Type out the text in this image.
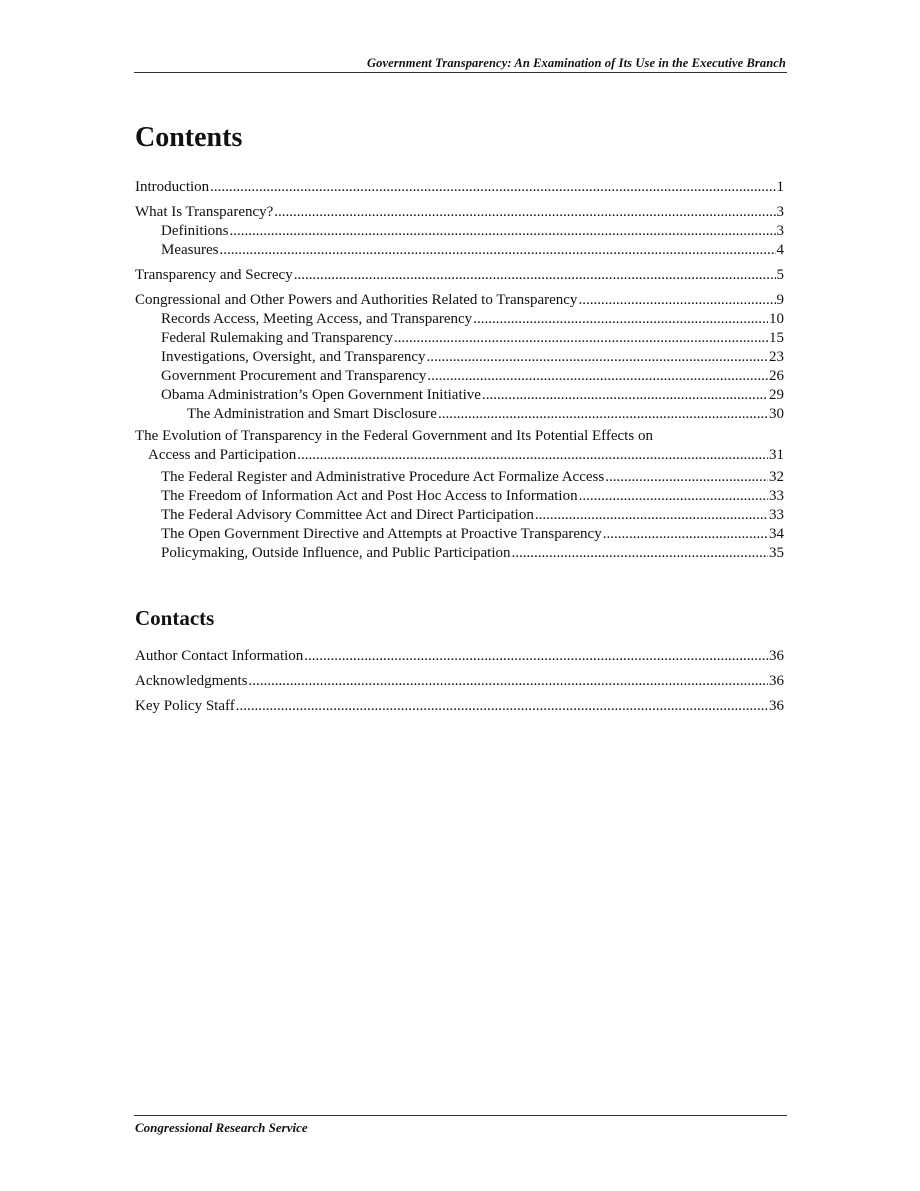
Government Transparency: An Examination of Its Use in the Executive Branch
Contents
Introduction .....	1
What Is Transparency? .....	3
Definitions .....	3
Measures .....	4
Transparency and Secrecy .....	5
Congressional and Other Powers and Authorities Related to Transparency .....	9
Records Access, Meeting Access, and Transparency .....	10
Federal Rulemaking and Transparency .....	15
Investigations, Oversight, and Transparency .....	23
Government Procurement and Transparency .....	26
Obama Administration’s Open Government Initiative .....	29
The Administration and Smart Disclosure .....	30
The Evolution of Transparency in the Federal Government and Its Potential Effects on
Access and Participation .....	31
The Federal Register and Administrative Procedure Act Formalize Access .....	32
The Freedom of Information Act and Post Hoc Access to Information .....	33
The Federal Advisory Committee Act and Direct Participation .....	33
The Open Government Directive and Attempts at Proactive Transparency .....	34
Policymaking, Outside Influence, and Public Participation .....	35
Contacts
Author Contact Information .....	36
Acknowledgments .....	36
Key Policy Staff .....	36
Congressional Research Service
